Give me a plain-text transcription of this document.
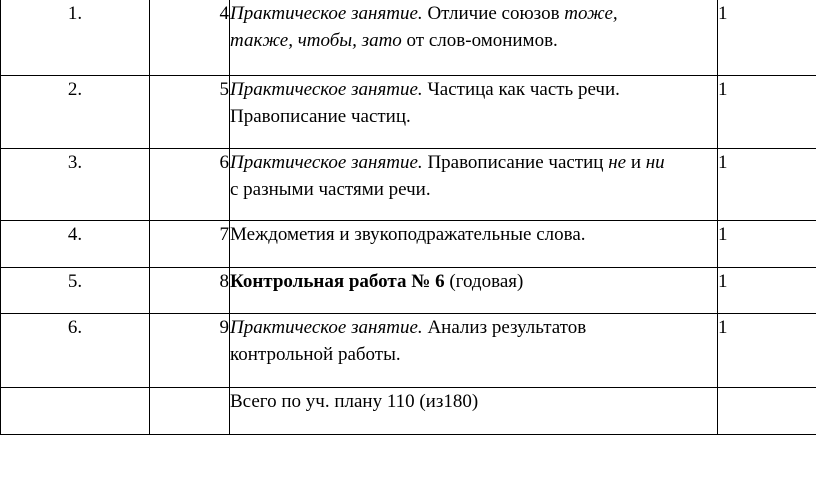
1.	4	Практическое занятие. Отличие союзов тоже,
также, чтобы, зато от слов-омонимов.	1
2.	5	Практическое занятие. Частица как часть речи.
Правописание частиц.	1
3.	6	Практическое занятие. Правописание частиц не и ни
с разными частями речи.	1
4.	7	Междометия и звукоподражательные слова.	1
5.	8	Контрольная работа № 6 (годовая)	1
6.	9	Практическое занятие. Анализ результатов
контрольной работы.	1

		Всего по уч. плану 110 (из180)	
